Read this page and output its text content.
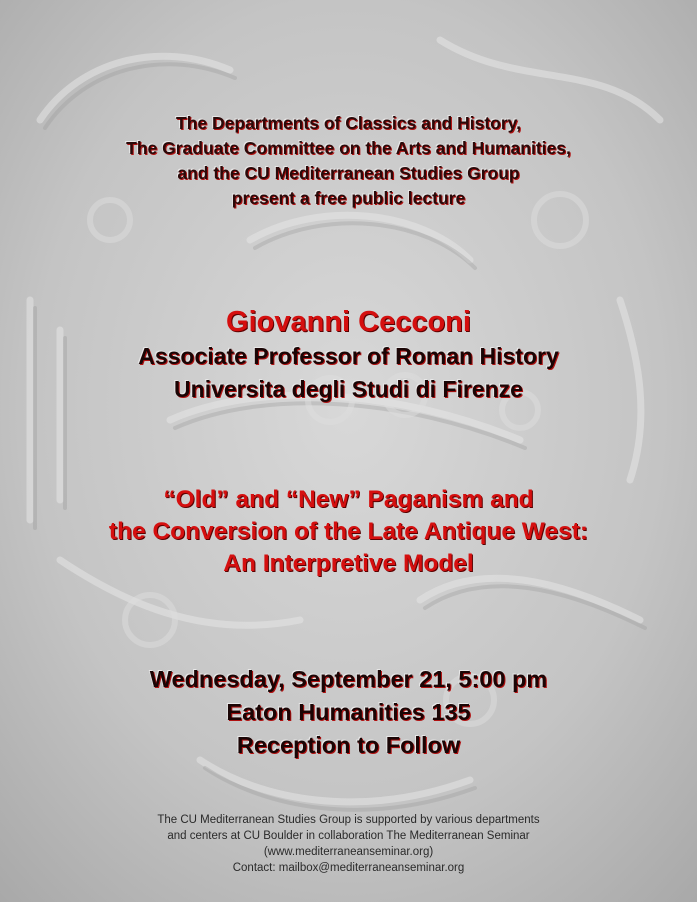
The Departments of Classics and History,
The Graduate Committee on the Arts and Humanities,
and the CU Mediterranean Studies Group
present a free public lecture
Giovanni Cecconi
Associate Professor of Roman History
Universita degli Studi di Firenze
“Old” and “New” Paganism and
the Conversion of the Late Antique West:
An Interpretive Model
Wednesday, September 21, 5:00 pm
Eaton Humanities 135
Reception to Follow
The CU Mediterranean Studies Group is supported by various departments
and centers at CU Boulder in collaboration The Mediterranean Seminar
(www.mediterraneanseminar.org)
Contact: mailbox@mediterraneanseminar.org
